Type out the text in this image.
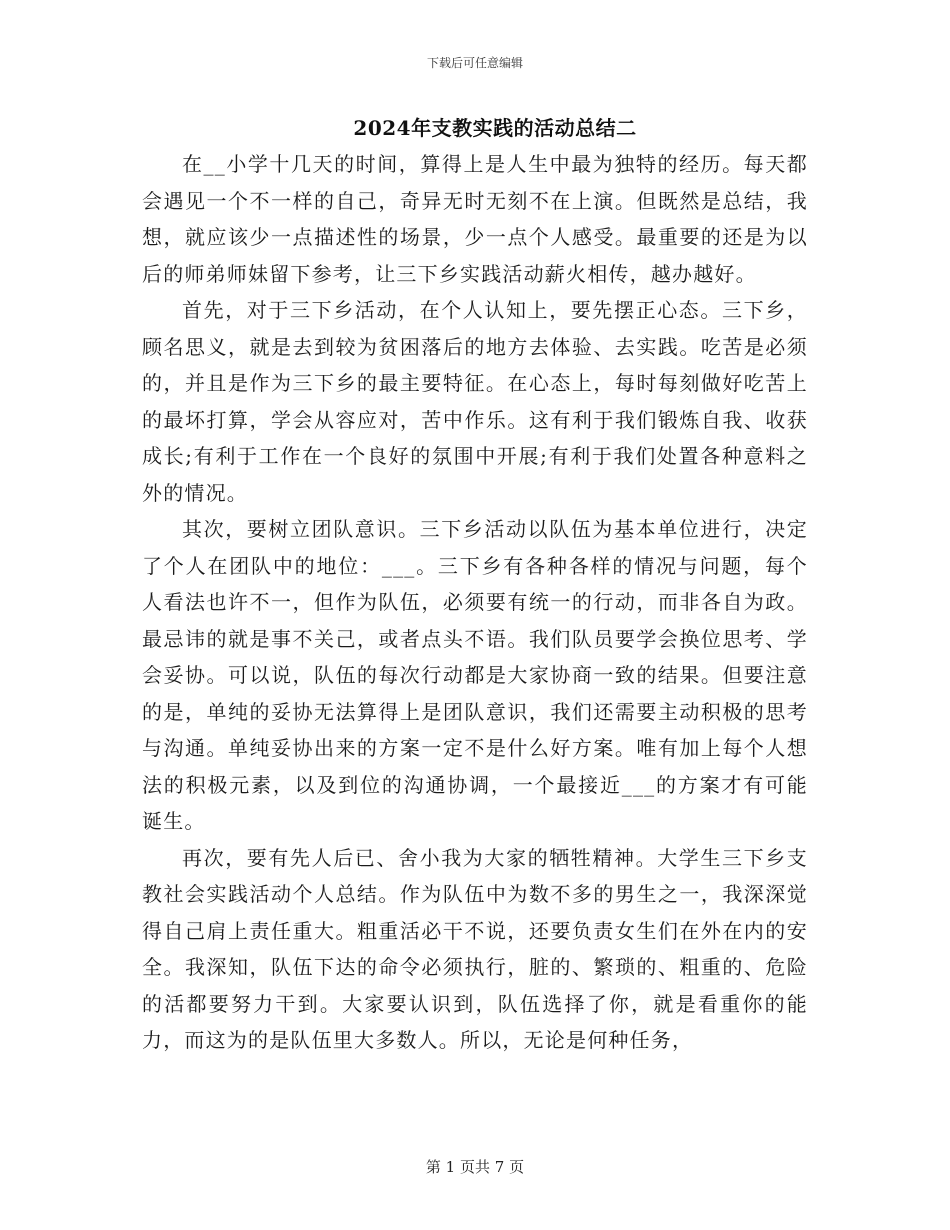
下载后可任意编辑
2024年支教实践的活动总结二

在__小学十几天的时间，算得上是人生中最为独特的经历。每天都会遇见一个不一样的自己，奇异无时无刻不在上演。但既然是总结，我想，就应该少一点描述性的场景，少一点个人感受。最重要的还是为以后的师弟师妹留下参考，让三下乡实践活动薪火相传，越办越好。

首先，对于三下乡活动，在个人认知上，要先摆正心态。三下乡，顾名思义，就是去到较为贫困落后的地方去体验、去实践。吃苦是必须的，并且是作为三下乡的最主要特征。在心态上，每时每刻做好吃苦上的最坏打算，学会从容应对，苦中作乐。这有利于我们锻炼自我、收获成长;有利于工作在一个良好的氛围中开展;有利于我们处置各种意料之外的情况。

其次，要树立团队意识。三下乡活动以队伍为基本单位进行，决定了个人在团队中的地位：___。三下乡有各种各样的情况与问题，每个人看法也许不一，但作为队伍，必须要有统一的行动，而非各自为政。最忌讳的就是事不关己，或者点头不语。我们队员要学会换位思考、学会妥协。可以说，队伍的每次行动都是大家协商一致的结果。但要注意的是，单纯的妥协无法算得上是团队意识，我们还需要主动积极的思考与沟通。单纯妥协出来的方案一定不是什么好方案。唯有加上每个人想法的积极元素，以及到位的沟通协调，一个最接近___的方案才有可能诞生。

再次，要有先人后已、舍小我为大家的牺牲精神。大学生三下乡支教社会实践活动个人总结。作为队伍中为数不多的男生之一，我深深觉得自己肩上责任重大。粗重活必干不说，还要负责女生们在外在内的安全。我深知，队伍下达的命令必须执行，脏的、繁琐的、粗重的、危险的活都要努力干到。大家要认识到，队伍选择了你，就是看重你的能力，而这为的是队伍里大多数人。所以，无论是何种任务，

第 1 页共 7 页
